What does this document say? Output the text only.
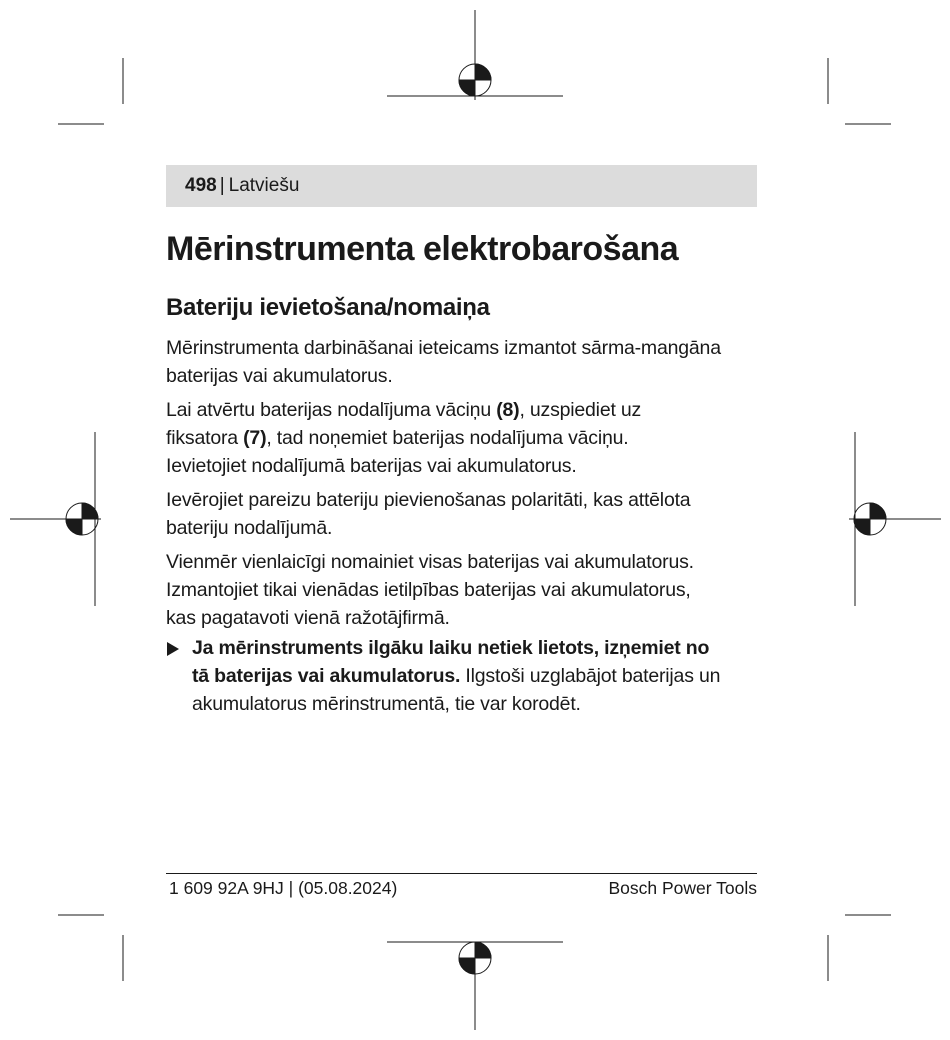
498 | Latviešu
Mērinstrumenta elektrobarošana
Bateriju ievietošana/nomaiņa

Mērinstrumenta darbināšanai ieteicams izmantot sārma-mangāna
baterijas vai akumulatorus.

Lai atvērtu baterijas nodalījuma vāciņu (8), uzspiediet uz
fiksatora (7), tad noņemiet baterijas nodalījuma vāciņu.
Ievietojiet nodalījumā baterijas vai akumulatorus.

Ievērojiet pareizu bateriju pievienošanas polaritāti, kas attēlota
bateriju nodalījumā.

Vienmēr vienlaicīgi nomainiet visas baterijas vai akumulatorus.
Izmantojiet tikai vienādas ietilpības baterijas vai akumulatorus,
kas pagatavoti vienā ražotājfirmā.

Ja mērinstruments ilgāku laiku netiek lietots, izņemiet no
tā baterijas vai akumulatorus. Ilgstoši uzglabājot baterijas un
akumulatorus mērinstrumentā, tie var korodēt.
1 609 92A 9HJ | (05.08.2024)	Bosch Power Tools
